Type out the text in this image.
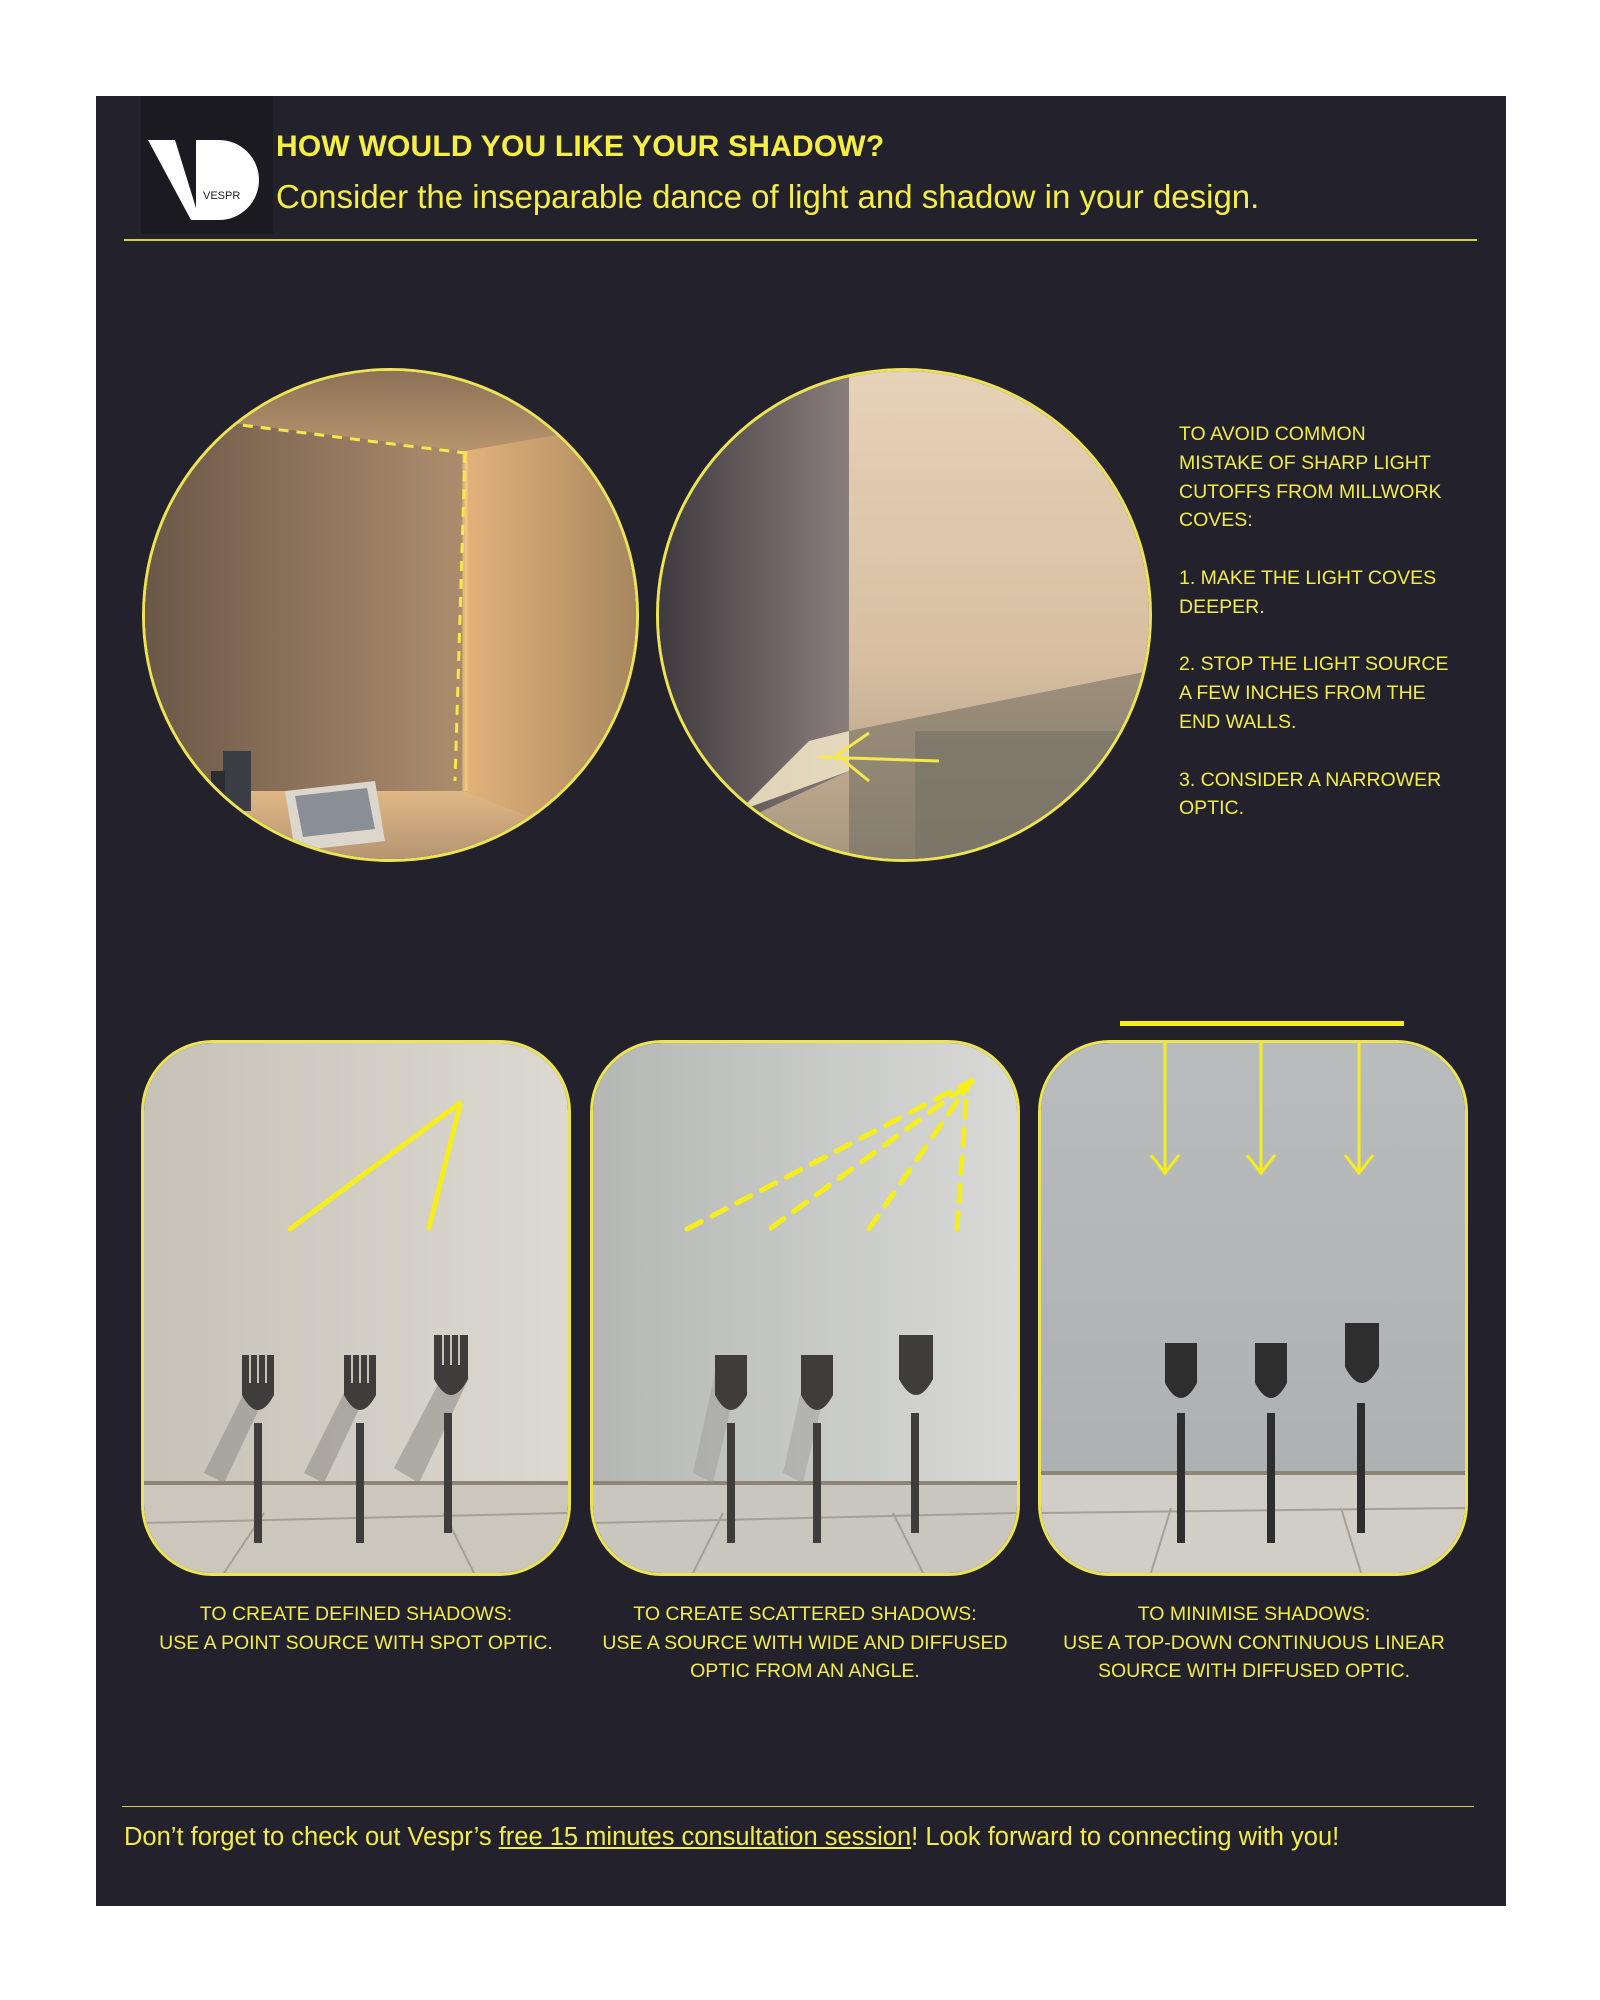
VESPR
HOW WOULD YOU LIKE YOUR SHADOW?
Consider the inseparable dance of light and shadow in your design.
TO AVOID COMMON
MISTAKE OF SHARP LIGHT
CUTOFFS FROM MILLWORK
COVES:
1. MAKE THE LIGHT COVES
DEEPER.
2. STOP THE LIGHT SOURCE
A FEW INCHES FROM THE
END WALLS.
3. CONSIDER A NARROWER
OPTIC.
TO CREATE DEFINED SHADOWS:
USE A POINT SOURCE WITH SPOT OPTIC.
TO CREATE SCATTERED SHADOWS:
USE A SOURCE WITH WIDE AND DIFFUSED
OPTIC FROM AN ANGLE.
TO MINIMISE SHADOWS:
USE A TOP-DOWN CONTINUOUS LINEAR
SOURCE WITH DIFFUSED OPTIC.
Don’t forget to check out Vespr’s free 15 minutes consultation session! Look forward to connecting with you!
